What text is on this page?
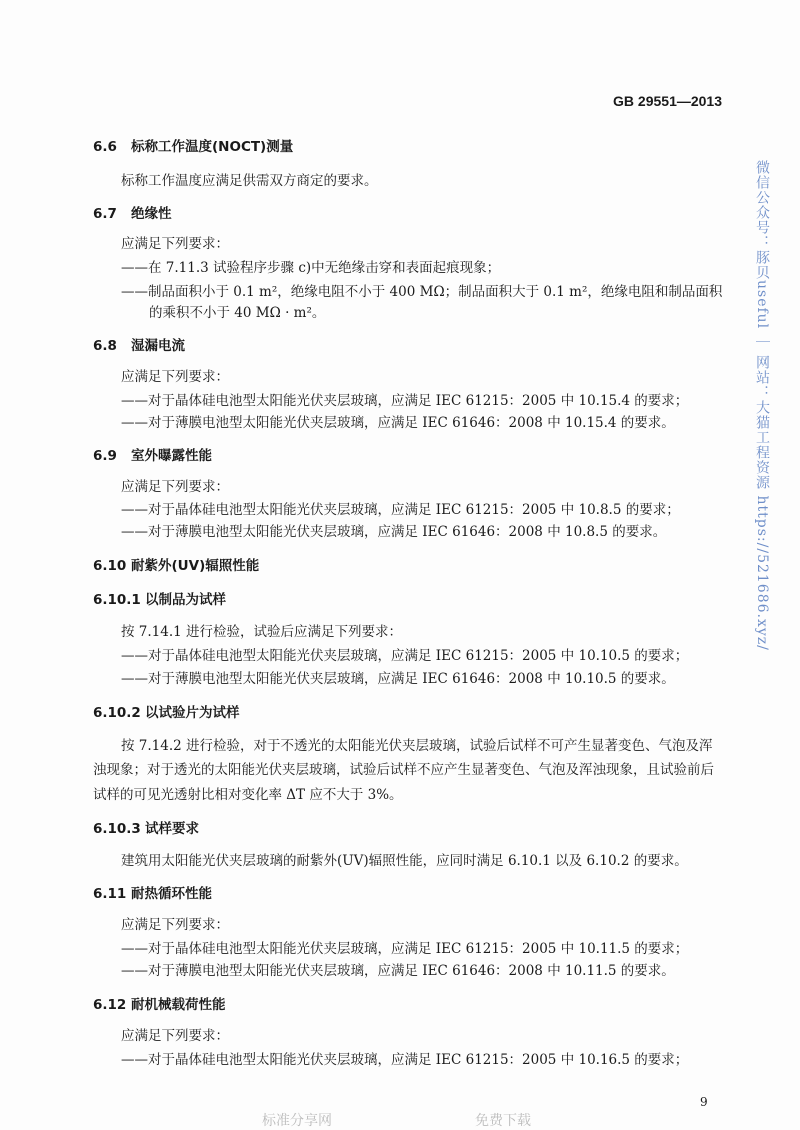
GB 29551—2013
微信公众号：豚贝useful ｜ 网站：大猫工程资源 https://521686.xyz/
6.6 标称工作温度(NOCT)测量
标称工作温度应满足供需双方商定的要求。
6.7 绝缘性
应满足下列要求：
——在 7.11.3 试验程序步骤 c)中无绝缘击穿和表面起痕现象；
——制品面积小于 0.1 m²，绝缘电阻不小于 400 MΩ；制品面积大于 0.1 m²，绝缘电阻和制品面积
的乘积不小于 40 MΩ · m²。
6.8 湿漏电流
应满足下列要求：
——对于晶体硅电池型太阳能光伏夹层玻璃，应满足 IEC 61215：2005 中 10.15.4 的要求；
——对于薄膜电池型太阳能光伏夹层玻璃，应满足 IEC 61646：2008 中 10.15.4 的要求。
6.9 室外曝露性能
应满足下列要求：
——对于晶体硅电池型太阳能光伏夹层玻璃，应满足 IEC 61215：2005 中 10.8.5 的要求；
——对于薄膜电池型太阳能光伏夹层玻璃，应满足 IEC 61646：2008 中 10.8.5 的要求。
6.10 耐紫外(UV)辐照性能
6.10.1 以制品为试样
按 7.14.1 进行检验，试验后应满足下列要求：
——对于晶体硅电池型太阳能光伏夹层玻璃，应满足 IEC 61215：2005 中 10.10.5 的要求；
——对于薄膜电池型太阳能光伏夹层玻璃，应满足 IEC 61646：2008 中 10.10.5 的要求。
6.10.2 以试验片为试样
按 7.14.2 进行检验，对于不透光的太阳能光伏夹层玻璃，试验后试样不可产生显著变色、气泡及浑
浊现象；对于透光的太阳能光伏夹层玻璃，试验后试样不应产生显著变色、气泡及浑浊现象，且试验前后
试样的可见光透射比相对变化率 ΔT 应不大于 3%。
6.10.3 试样要求
建筑用太阳能光伏夹层玻璃的耐紫外(UV)辐照性能，应同时满足 6.10.1 以及 6.10.2 的要求。
6.11 耐热循环性能
应满足下列要求：
——对于晶体硅电池型太阳能光伏夹层玻璃，应满足 IEC 61215：2005 中 10.11.5 的要求；
——对于薄膜电池型太阳能光伏夹层玻璃，应满足 IEC 61646：2008 中 10.11.5 的要求。
6.12 耐机械载荷性能
应满足下列要求：
——对于晶体硅电池型太阳能光伏夹层玻璃，应满足 IEC 61215：2005 中 10.16.5 的要求；
9
标准分享网	免费下载
